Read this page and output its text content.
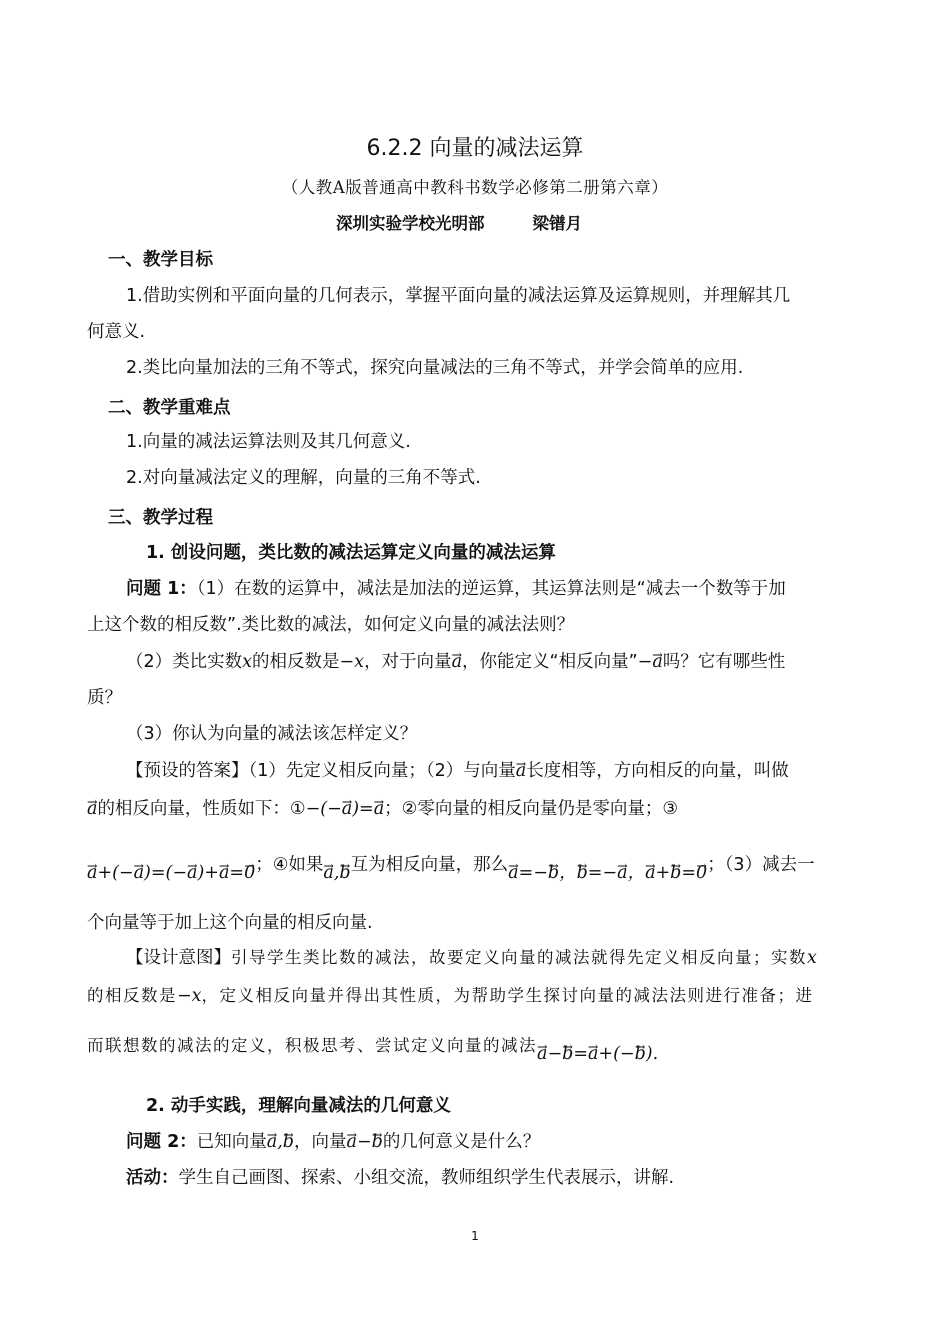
6.2.2 向量的减法运算
（人教A版普通高中教科书数学必修第二册第六章）
深圳实验学校光明部	梁镨月
一、教学目标
1.借助实例和平面向量的几何表示，掌握平面向量的减法运算及运算规则，并理解其几
何意义.
2.类比向量加法的三角不等式，探究向量减法的三角不等式，并学会简单的应用.
二、教学重难点
1.向量的减法运算法则及其几何意义.
2.对向量减法定义的理解，向量的三角不等式.
三、教学过程
1. 创设问题，类比数的减法运算定义向量的减法运算
问题 1：（1）在数的运算中，减法是加法的逆运算，其运算法则是“减去一个数等于加
上这个数的相反数”.类比数的减法，如何定义向量的减法法则？
（2）类比实数x的相反数是−x，对于向量→ a，你能定义“相反向量”−→ a吗？它有哪些性
质？
（3）你认为向量的减法该怎样定义？
【预设的答案】（1）先定义相反向量；（2）与向量→ a长度相等，方向相反的向量，叫做
→ a的相反向量，性质如下：①−(−→ a)=→ a；②零向量的相反向量仍是零向量；③
→ a+(−→ a)=(−→ a)+→ a=→ 0；④如果→ a,→ b互为相反向量，那么→ a=−→ b，→ b=−→ a，→ a+→ b=→ 0；（3）减去一
个向量等于加上这个向量的相反向量.
【设计意图】引导学生类比数的减法，故要定义向量的减法就得先定义相反向量；实数x
的相反数是−x，定义相反向量并得出其性质，为帮助学生探讨向量的减法法则进行准备；进
而联想数的减法的定义，积极思考、尝试定义向量的减法→ a−→ b=→ a+(−→ b).
2. 动手实践，理解向量减法的几何意义
问题 2：已知向量→ a,→ b，向量→ a−→ b的几何意义是什么？
活动：学生自己画图、探索、小组交流，教师组织学生代表展示，讲解.
1
